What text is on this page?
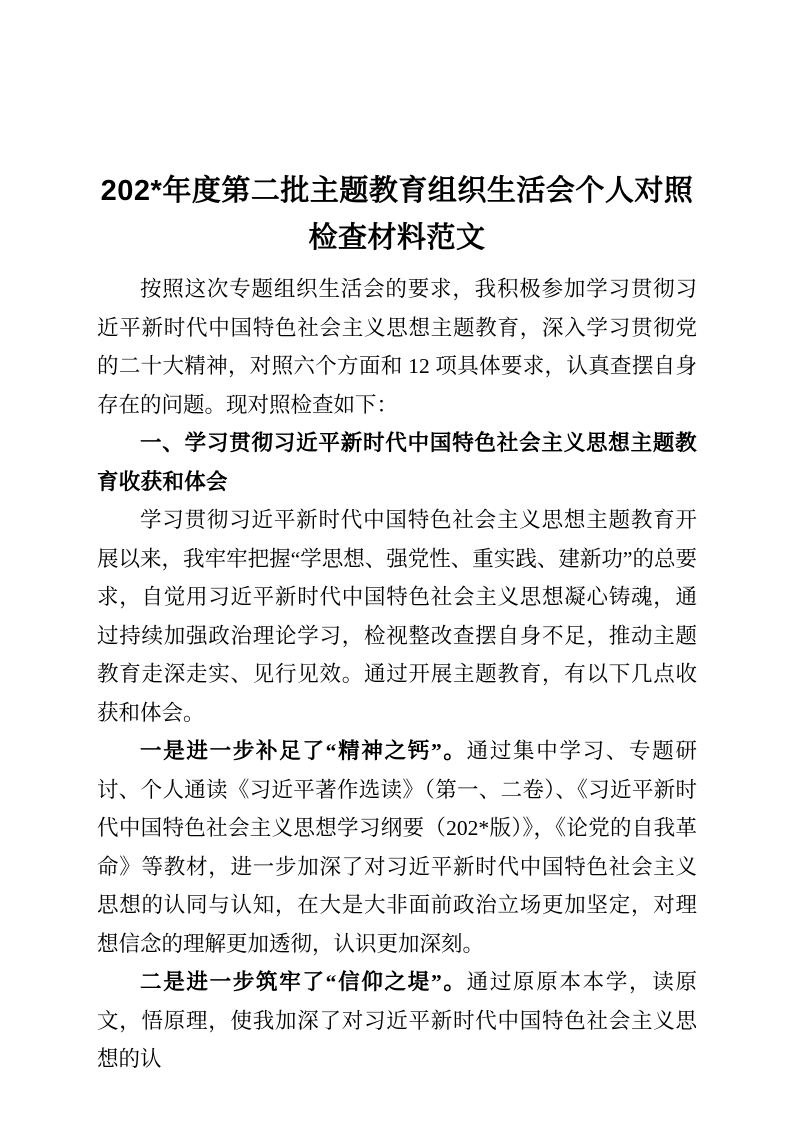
202*年度第二批主题教育组织生活会个人对照
检查材料范文

按照这次专题组织生活会的要求，我积极参加学习贯彻习近平新时代中国特色社会主义思想主题教育，深入学习贯彻党的二十大精神，对照六个方面和 12 项具体要求，认真查摆自身存在的问题。现对照检查如下：

一、学习贯彻习近平新时代中国特色社会主义思想主题教育收获和体会

学习贯彻习近平新时代中国特色社会主义思想主题教育开展以来，我牢牢把握“学思想、强党性、重实践、建新功”的总要求，自觉用习近平新时代中国特色社会主义思想凝心铸魂，通过持续加强政治理论学习，检视整改查摆自身不足，推动主题教育走深走实、见行见效。通过开展主题教育，有以下几点收获和体会。

一是进一步补足了“精神之钙”。通过集中学习、专题研讨、个人通读《习近平著作选读》（第一、二卷）、《习近平新时代中国特色社会主义思想学习纲要（202*版）》，《论党的自我革命》等教材，进一步加深了对习近平新时代中国特色社会主义思想的认同与认知，在大是大非面前政治立场更加坚定，对理想信念的理解更加透彻，认识更加深刻。

二是进一步筑牢了“信仰之堤”。通过原原本本学，读原文，悟原理，使我加深了对习近平新时代中国特色社会主义思想的认
